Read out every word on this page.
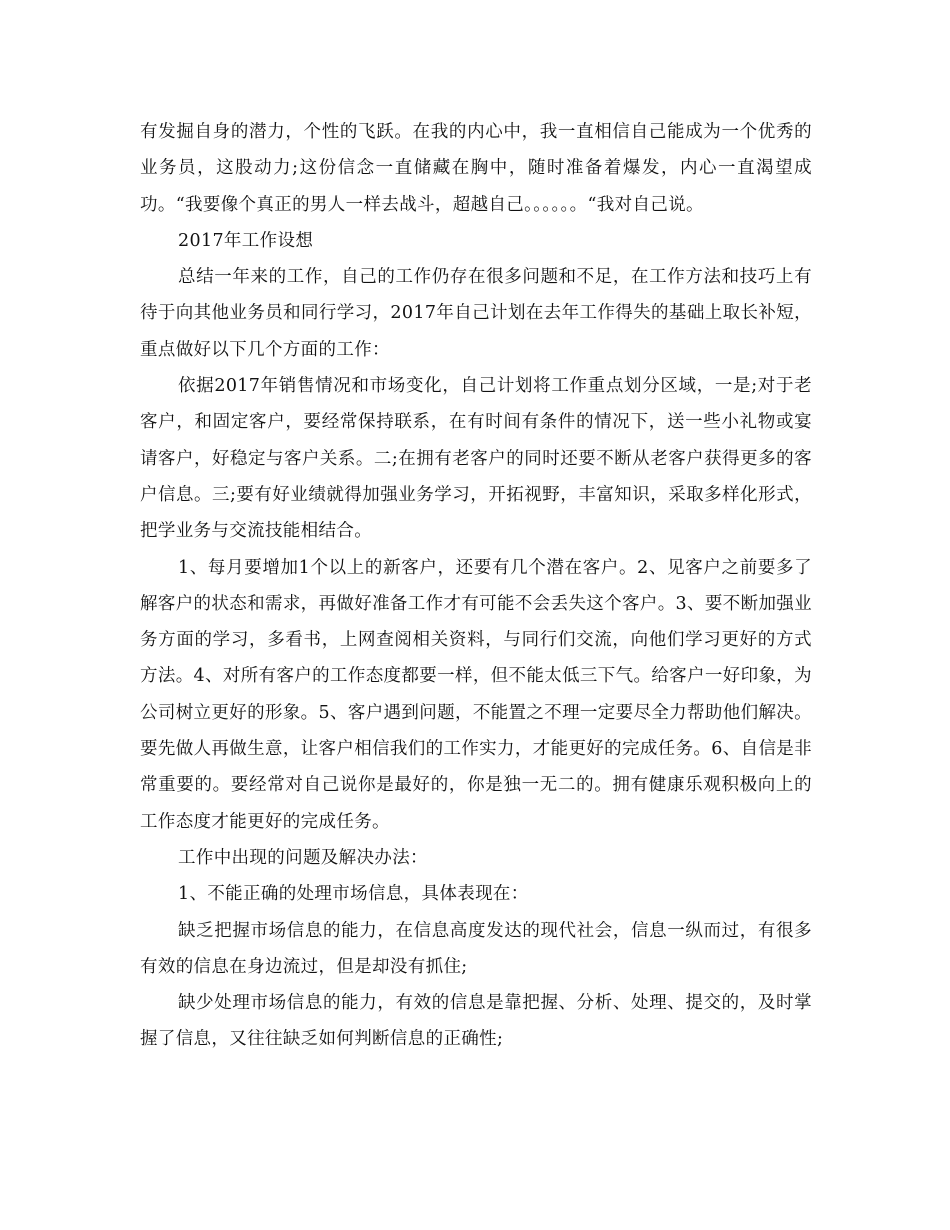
有发掘自身的潜力，个性的飞跃。在我的内心中，我一直相信自己能成为一个优秀的业务员，这股动力;这份信念一直储藏在胸中，随时准备着爆发，内心一直渴望成功。“我要像个真正的男人一样去战斗，超越自己。。。。。。“我对自己说。

2017年工作设想

总结一年来的工作，自己的工作仍存在很多问题和不足，在工作方法和技巧上有待于向其他业务员和同行学习，2017年自己计划在去年工作得失的基础上取长补短，重点做好以下几个方面的工作：

依据2017年销售情况和市场变化，自己计划将工作重点划分区域，一是;对于老客户，和固定客户，要经常保持联系，在有时间有条件的情况下，送一些小礼物或宴请客户，好稳定与客户关系。二;在拥有老客户的同时还要不断从老客户获得更多的客户信息。三;要有好业绩就得加强业务学习，开拓视野，丰富知识，采取多样化形式，把学业务与交流技能相结合。

1、每月要增加1个以上的新客户，还要有几个潜在客户。2、见客户之前要多了解客户的状态和需求，再做好准备工作才有可能不会丢失这个客户。3、要不断加强业务方面的学习，多看书，上网查阅相关资料，与同行们交流，向他们学习更好的方式方法。4、对所有客户的工作态度都要一样，但不能太低三下气。给客户一好印象，为公司树立更好的形象。5、客户遇到问题，不能置之不理一定要尽全力帮助他们解决。要先做人再做生意，让客户相信我们的工作实力，才能更好的完成任务。6、自信是非常重要的。要经常对自己说你是最好的，你是独一无二的。拥有健康乐观积极向上的工作态度才能更好的完成任务。

工作中出现的问题及解决办法：

1、不能正确的处理市场信息，具体表现在：

缺乏把握市场信息的能力，在信息高度发达的现代社会，信息一纵而过，有很多有效的信息在身边流过，但是却没有抓住;

缺少处理市场信息的能力，有效的信息是靠把握、分析、处理、提交的，及时掌握了信息，又往往缺乏如何判断信息的正确性;
